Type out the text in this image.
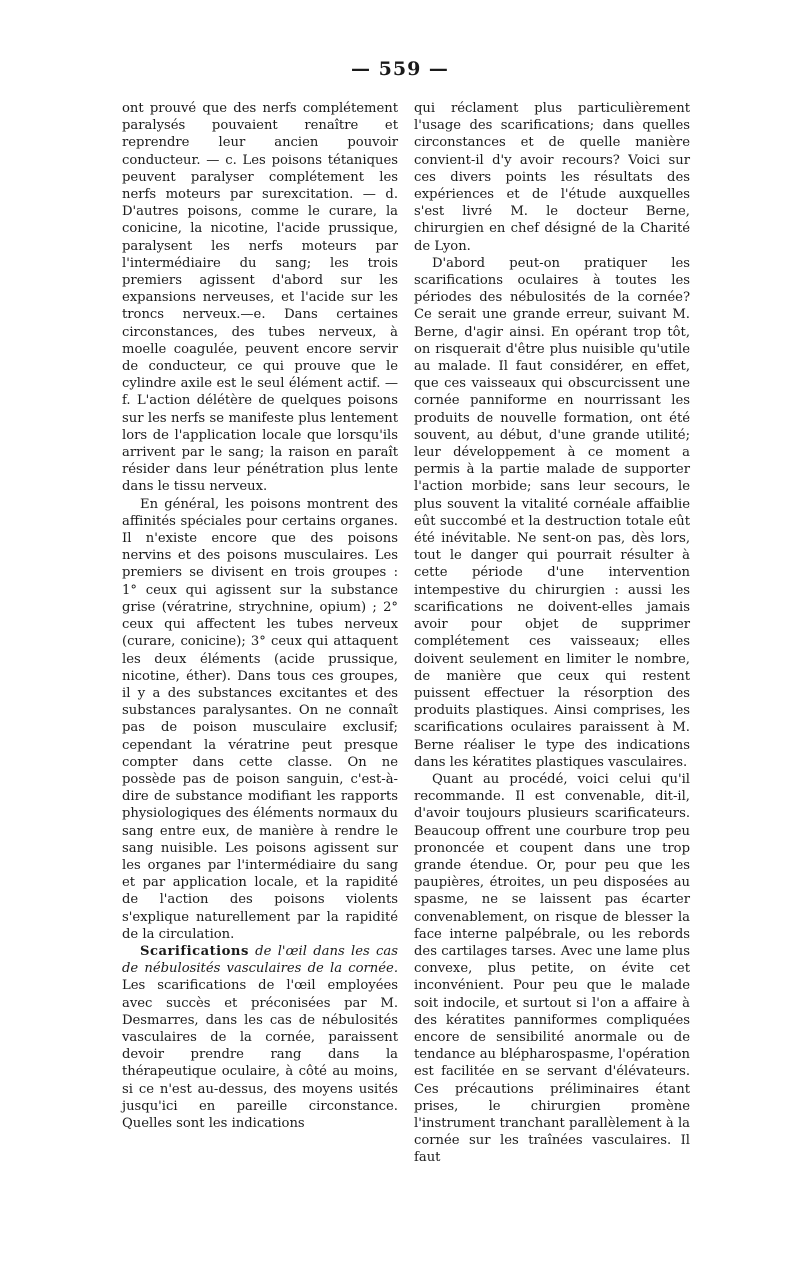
— 559 —

ont prouvé que des nerfs complétement paralysés pouvaient renaître et reprendre leur ancien pouvoir conducteur. — c. Les poisons tétaniques peuvent paralyser complétement les nerfs moteurs par surexcitation. — d. D'autres poisons, comme le curare, la conicine, la nicotine, l'acide prussique, paralysent les nerfs moteurs par l'intermédiaire du sang; les trois premiers agissent d'abord sur les expansions nerveuses, et l'acide sur les troncs nerveux.—e. Dans certaines circonstances, des tubes nerveux, à moelle coagulée, peuvent encore servir de conducteur, ce qui prouve que le cylindre axile est le seul élément actif. —f. L'action délétère de quelques poisons sur les nerfs se manifeste plus lentement lors de l'application locale que lorsqu'ils arrivent par le sang; la raison en paraît résider dans leur pénétration plus lente dans le tissu nerveux.

En général, les poisons montrent des affinités spéciales pour certains organes. Il n'existe encore que des poisons nervins et des poisons musculaires. Les premiers se divisent en trois groupes : 1° ceux qui agissent sur la substance grise (vératrine, strychnine, opium) ; 2° ceux qui affectent les tubes nerveux (curare, conicine); 3° ceux qui attaquent les deux éléments (acide prussique, nicotine, éther). Dans tous ces groupes, il y a des substances excitantes et des substances paralysantes. On ne connaît pas de poison musculaire exclusif; cependant la vératrine peut presque compter dans cette classe. On ne possède pas de poison sanguin, c'est-à-dire de substance modifiant les rapports physiologiques des éléments normaux du sang entre eux, de manière à rendre le sang nuisible. Les poisons agissent sur les organes par l'intermédiaire du sang et par application locale, et la rapidité de l'action des poisons violents s'explique naturellement par la rapidité de la circulation.

Scarifications de l'œil dans les cas de nébulosités vasculaires de la cornée. Les scarifications de l'œil employées avec succès et préconisées par M. Desmarres, dans les cas de nébulosités vasculaires de la cornée, paraissent devoir prendre rang dans la thérapeutique oculaire, à côté au moins, si ce n'est au-dessus, des moyens usités jusqu'ici en pareille circonstance. Quelles sont les indications

qui réclament plus particulièrement l'usage des scarifications; dans quelles circonstances et de quelle manière convient-il d'y avoir recours? Voici sur ces divers points les résultats des expériences et de l'étude auxquelles s'est livré M. le docteur Berne, chirurgien en chef désigné de la Charité de Lyon.

D'abord peut-on pratiquer les scarifications oculaires à toutes les périodes des nébulosités de la cornée? Ce serait une grande erreur, suivant M. Berne, d'agir ainsi. En opérant trop tôt, on risquerait d'être plus nuisible qu'utile au malade. Il faut considérer, en effet, que ces vaisseaux qui obscurcissent une cornée panniforme en nourrissant les produits de nouvelle formation, ont été souvent, au début, d'une grande utilité; leur développement à ce moment a permis à la partie malade de supporter l'action morbide; sans leur secours, le plus souvent la vitalité cornéale affaiblie eût succombé et la destruction totale eût été inévitable. Ne sent-on pas, dès lors, tout le danger qui pourrait résulter à cette période d'une intervention intempestive du chirurgien : aussi les scarifications ne doivent-elles jamais avoir pour objet de supprimer complétement ces vaisseaux; elles doivent seulement en limiter le nombre, de manière que ceux qui restent puissent effectuer la résorption des produits plastiques. Ainsi comprises, les scarifications oculaires paraissent à M. Berne réaliser le type des indications dans les kératites plastiques vasculaires.

Quant au procédé, voici celui qu'il recommande. Il est convenable, dit-il, d'avoir toujours plusieurs scarificateurs. Beaucoup offrent une courbure trop peu prononcée et coupent dans une trop grande étendue. Or, pour peu que les paupières, étroites, un peu disposées au spasme, ne se laissent pas écarter convenablement, on risque de blesser la face interne palpébrale, ou les rebords des cartilages tarses. Avec une lame plus convexe, plus petite, on évite cet inconvénient. Pour peu que le malade soit indocile, et surtout si l'on a affaire à des kératites panniformes compliquées encore de sensibilité anormale ou de tendance au blépharospasme, l'opération est facilitée en se servant d'élévateurs. Ces précautions préliminaires étant prises, le chirurgien promène l'instrument tranchant parallèlement à la cornée sur les traînées vasculaires. Il faut
